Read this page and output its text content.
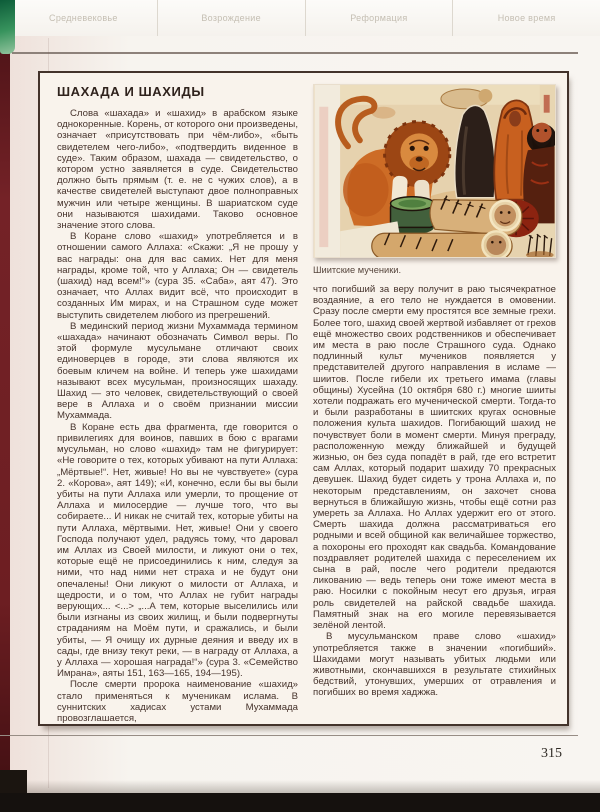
Средневековье	Возрождение	Реформация	Новое время
ШАХАДА И ШАХИДЫ

Слова «шахада» и «шахид» в арабском языке однокоренные. Корень, от которого они произведены, означает «присутствовать при чём-либо», «быть свидетелем чего-либо», «подтвердить виденное в суде». Таким образом, шахада — свидетельство, о котором устно заявляется в суде. Свидетельство должно быть прямым (т. е. не с чужих слов), а в качестве свидетелей выступают двое полноправных мужчин или четыре женщины. В шариатском суде они называются шахидами. Таково основное значение этого слова.

В Коране слово «шахид» употребляется и в отношении самого Аллаха: «Скажи: „Я не прошу у вас награды: она для вас самих. Нет для меня награды, кроме той, что у Аллаха; Он — свидетель (шахид) над всем!“» (сура 35. «Саба», аят 47). Это означает, что Аллах видит всё, что происходит в созданных Им мирах, и на Страшном суде может выступить свидетелем любого из прегрешений.

В мединский период жизни Мухаммада термином «шахада» начинают обозначать Символ веры. По этой формуле мусульмане отличают своих единоверцев в городе, эти слова являются их боевым кличем на войне. И теперь уже шахидами называют всех мусульман, произносящих шахаду. Шахид — это человек, свидетельствующий о своей вере в Аллаха и о своём признании миссии Мухаммада.

В Коране есть два фрагмента, где говорится о привилегиях для воинов, павших в бою с врагами мусульман, но слово «шахид» там не фигурирует: «Не говорите о тех, которых убивают на пути Аллаха: „Мёртвые!“. Нет, живые! Но вы не чувствуете» (сура 2. «Корова», аят 149); «И, конечно, если бы вы были убиты на пути Аллаха или умерли, то прощение от Аллаха и милосердие — лучше того, что вы собираете... И никак не считай тех, которые убиты на пути Аллаха, мёртвыми. Нет, живые! Они у своего Господа получают удел, радуясь тому, что даровал им Аллах из Своей милости, и ликуют они о тех, которые ещё не присоединились к ним, следуя за ними, что над ними нет страха и не будут они опечалены! Они ликуют о милости от Аллаха, и щедрости, и о том, что Аллах не губит награды верующих... <...> „...А тем, которые выселились или были изгнаны из своих жилищ, и были подвергнуты страданиям на Моём пути, и сражались, и были убиты, — Я очищу их дурные деяния и введу их в сады, где внизу текут реки, — в награду от Аллаха, а у Аллаха — хорошая награда!“» (сура 3. «Семейство Имрана», аяты 151, 163—165, 194—195).

После смерти пророка наименование «шахид» стало применяться к мученикам ислама. В суннитских хадисах устами Мухаммада провозглашается,

Шиитские мученики.

что погибший за веру получит в раю тысячекратное воздаяние, а его тело не нуждается в омовении. Сразу после смерти ему простятся все земные грехи. Более того, шахид своей жертвой избавляет от грехов ещё множество своих родственников и обеспечивает им места в раю после Страшного суда. Однако подлинный культ мучеников появляется у представителей другого направления в исламе — шиитов. После гибели их третьего имама (главы общины) Хусейна (10 октября 680 г.) многие шииты хотели подражать его мученической смерти. Тогда-то и были разработаны в шиитских кругах основные положения культа шахидов. Погибающий шахид не почувствует боли в момент смерти. Минуя преграду, расположенную между ближайшей и будущей жизнью, он без суда попадёт в рай, где его встретит сам Аллах, который подарит шахиду 70 прекрасных девушек. Шахид будет сидеть у трона Аллаха и, по некоторым представлениям, он захочет снова вернуться в ближайшую жизнь, чтобы ещё сотни раз умереть за Аллаха. Но Аллах удержит его от этого. Смерть шахида должна рассматриваться его родными и всей общиной как величайшее торжество, а похороны его проходят как свадьба. Командование поздравляет родителей шахида с переселением их сына в рай, после чего родители предаются ликованию — ведь теперь они тоже имеют места в раю. Носилки с покойным несут его друзья, играя роль свидетелей на райской свадьбе шахида. Памятный знак на его могиле перевязывается зелёной лентой.

В мусульманском праве слово «шахид» употребляется также в значении «погибший». Шахидами могут называть убитых людьми или животными, скончавшихся в результате стихийных бедствий, утонувших, умерших от отравления и погибших во время хаджжа.

315
